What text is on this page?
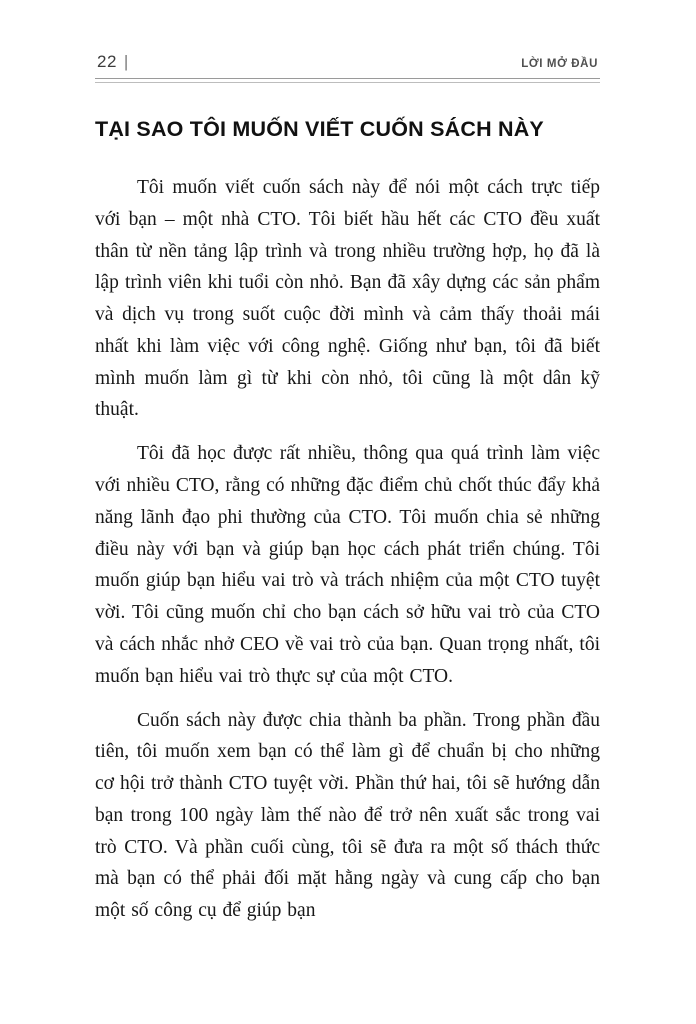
22 |	LỜI MỞ ĐẦU
TẠI SAO TÔI MUỐN VIẾT CUỐN SÁCH NÀY

Tôi muốn viết cuốn sách này để nói một cách trực tiếp với bạn – một nhà CTO. Tôi biết hầu hết các CTO đều xuất thân từ nền tảng lập trình và trong nhiều trường hợp, họ đã là lập trình viên khi tuổi còn nhỏ. Bạn đã xây dựng các sản phẩm và dịch vụ trong suốt cuộc đời mình và cảm thấy thoải mái nhất khi làm việc với công nghệ. Giống như bạn, tôi đã biết mình muốn làm gì từ khi còn nhỏ, tôi cũng là một dân kỹ thuật.

Tôi đã học được rất nhiều, thông qua quá trình làm việc với nhiều CTO, rằng có những đặc điểm chủ chốt thúc đẩy khả năng lãnh đạo phi thường của CTO. Tôi muốn chia sẻ những điều này với bạn và giúp bạn học cách phát triển chúng. Tôi muốn giúp bạn hiểu vai trò và trách nhiệm của một CTO tuyệt vời. Tôi cũng muốn chỉ cho bạn cách sở hữu vai trò của CTO và cách nhắc nhở CEO về vai trò của bạn. Quan trọng nhất, tôi muốn bạn hiểu vai trò thực sự của một CTO.

Cuốn sách này được chia thành ba phần. Trong phần đầu tiên, tôi muốn xem bạn có thể làm gì để chuẩn bị cho những cơ hội trở thành CTO tuyệt vời. Phần thứ hai, tôi sẽ hướng dẫn bạn trong 100 ngày làm thế nào để trở nên xuất sắc trong vai trò CTO. Và phần cuối cùng, tôi sẽ đưa ra một số thách thức mà bạn có thể phải đối mặt hằng ngày và cung cấp cho bạn một số công cụ để giúp bạn
